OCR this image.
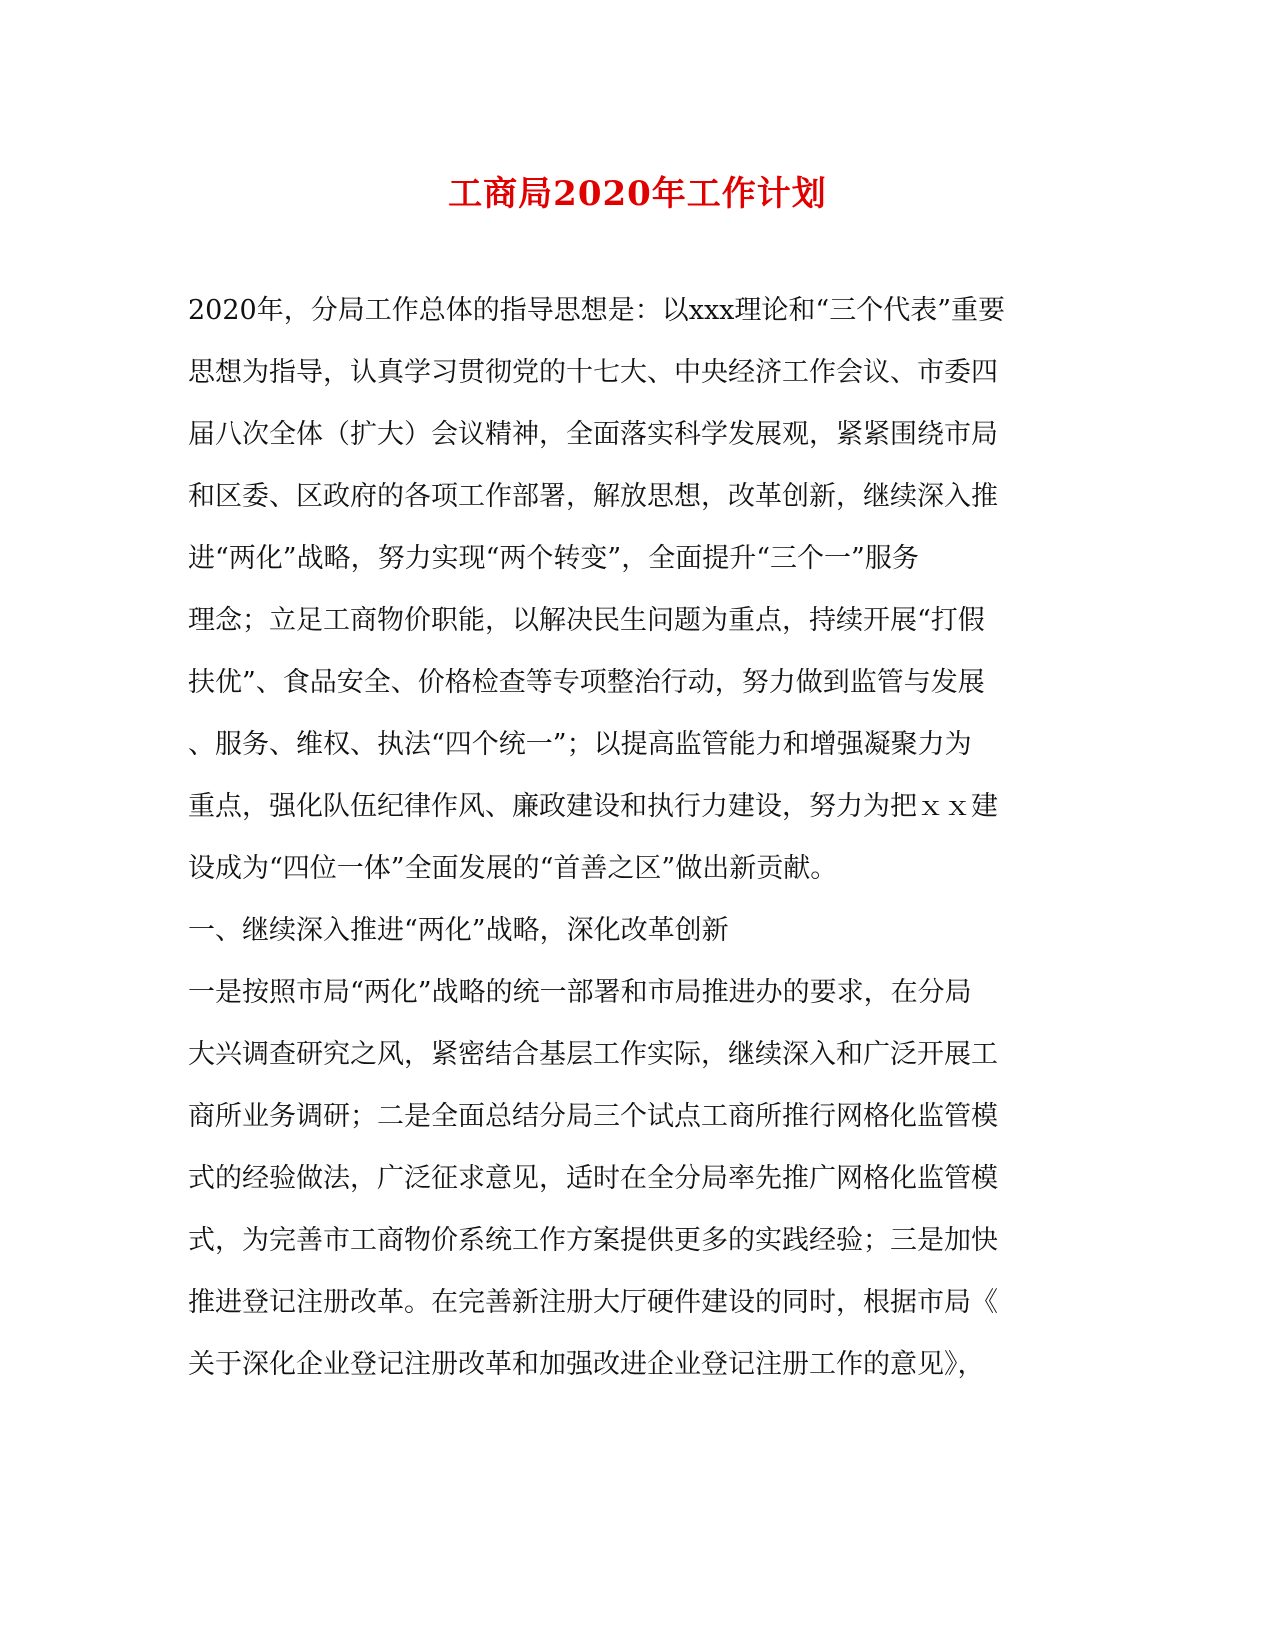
工商局2020年工作计划
2020年，分局工作总体的指导思想是：以xxx理论和“三个代表”重要
思想为指导，认真学习贯彻党的十七大、中央经济工作会议、市委四
届八次全体（扩大）会议精神，全面落实科学发展观，紧紧围绕市局
和区委、区政府的各项工作部署，解放思想，改革创新，继续深入推
进“两化”战略，努力实现“两个转变”，全面提升“三个一”服务
理念；立足工商物价职能，以解决民生问题为重点，持续开展“打假
扶优”、食品安全、价格检查等专项整治行动，努力做到监管与发展
、服务、维权、执法“四个统一”；以提高监管能力和增强凝聚力为
重点，强化队伍纪律作风、廉政建设和执行力建设，努力为把ｘｘ建
设成为“四位一体”全面发展的“首善之区”做出新贡献。
一、继续深入推进“两化”战略，深化改革创新
一是按照市局“两化”战略的统一部署和市局推进办的要求，在分局
大兴调查研究之风，紧密结合基层工作实际，继续深入和广泛开展工
商所业务调研；二是全面总结分局三个试点工商所推行网格化监管模
式的经验做法，广泛征求意见，适时在全分局率先推广网格化监管模
式，为完善市工商物价系统工作方案提供更多的实践经验；三是加快
推进登记注册改革。在完善新注册大厅硬件建设的同时，根据市局《
关于深化企业登记注册改革和加强改进企业登记注册工作的意见》，
